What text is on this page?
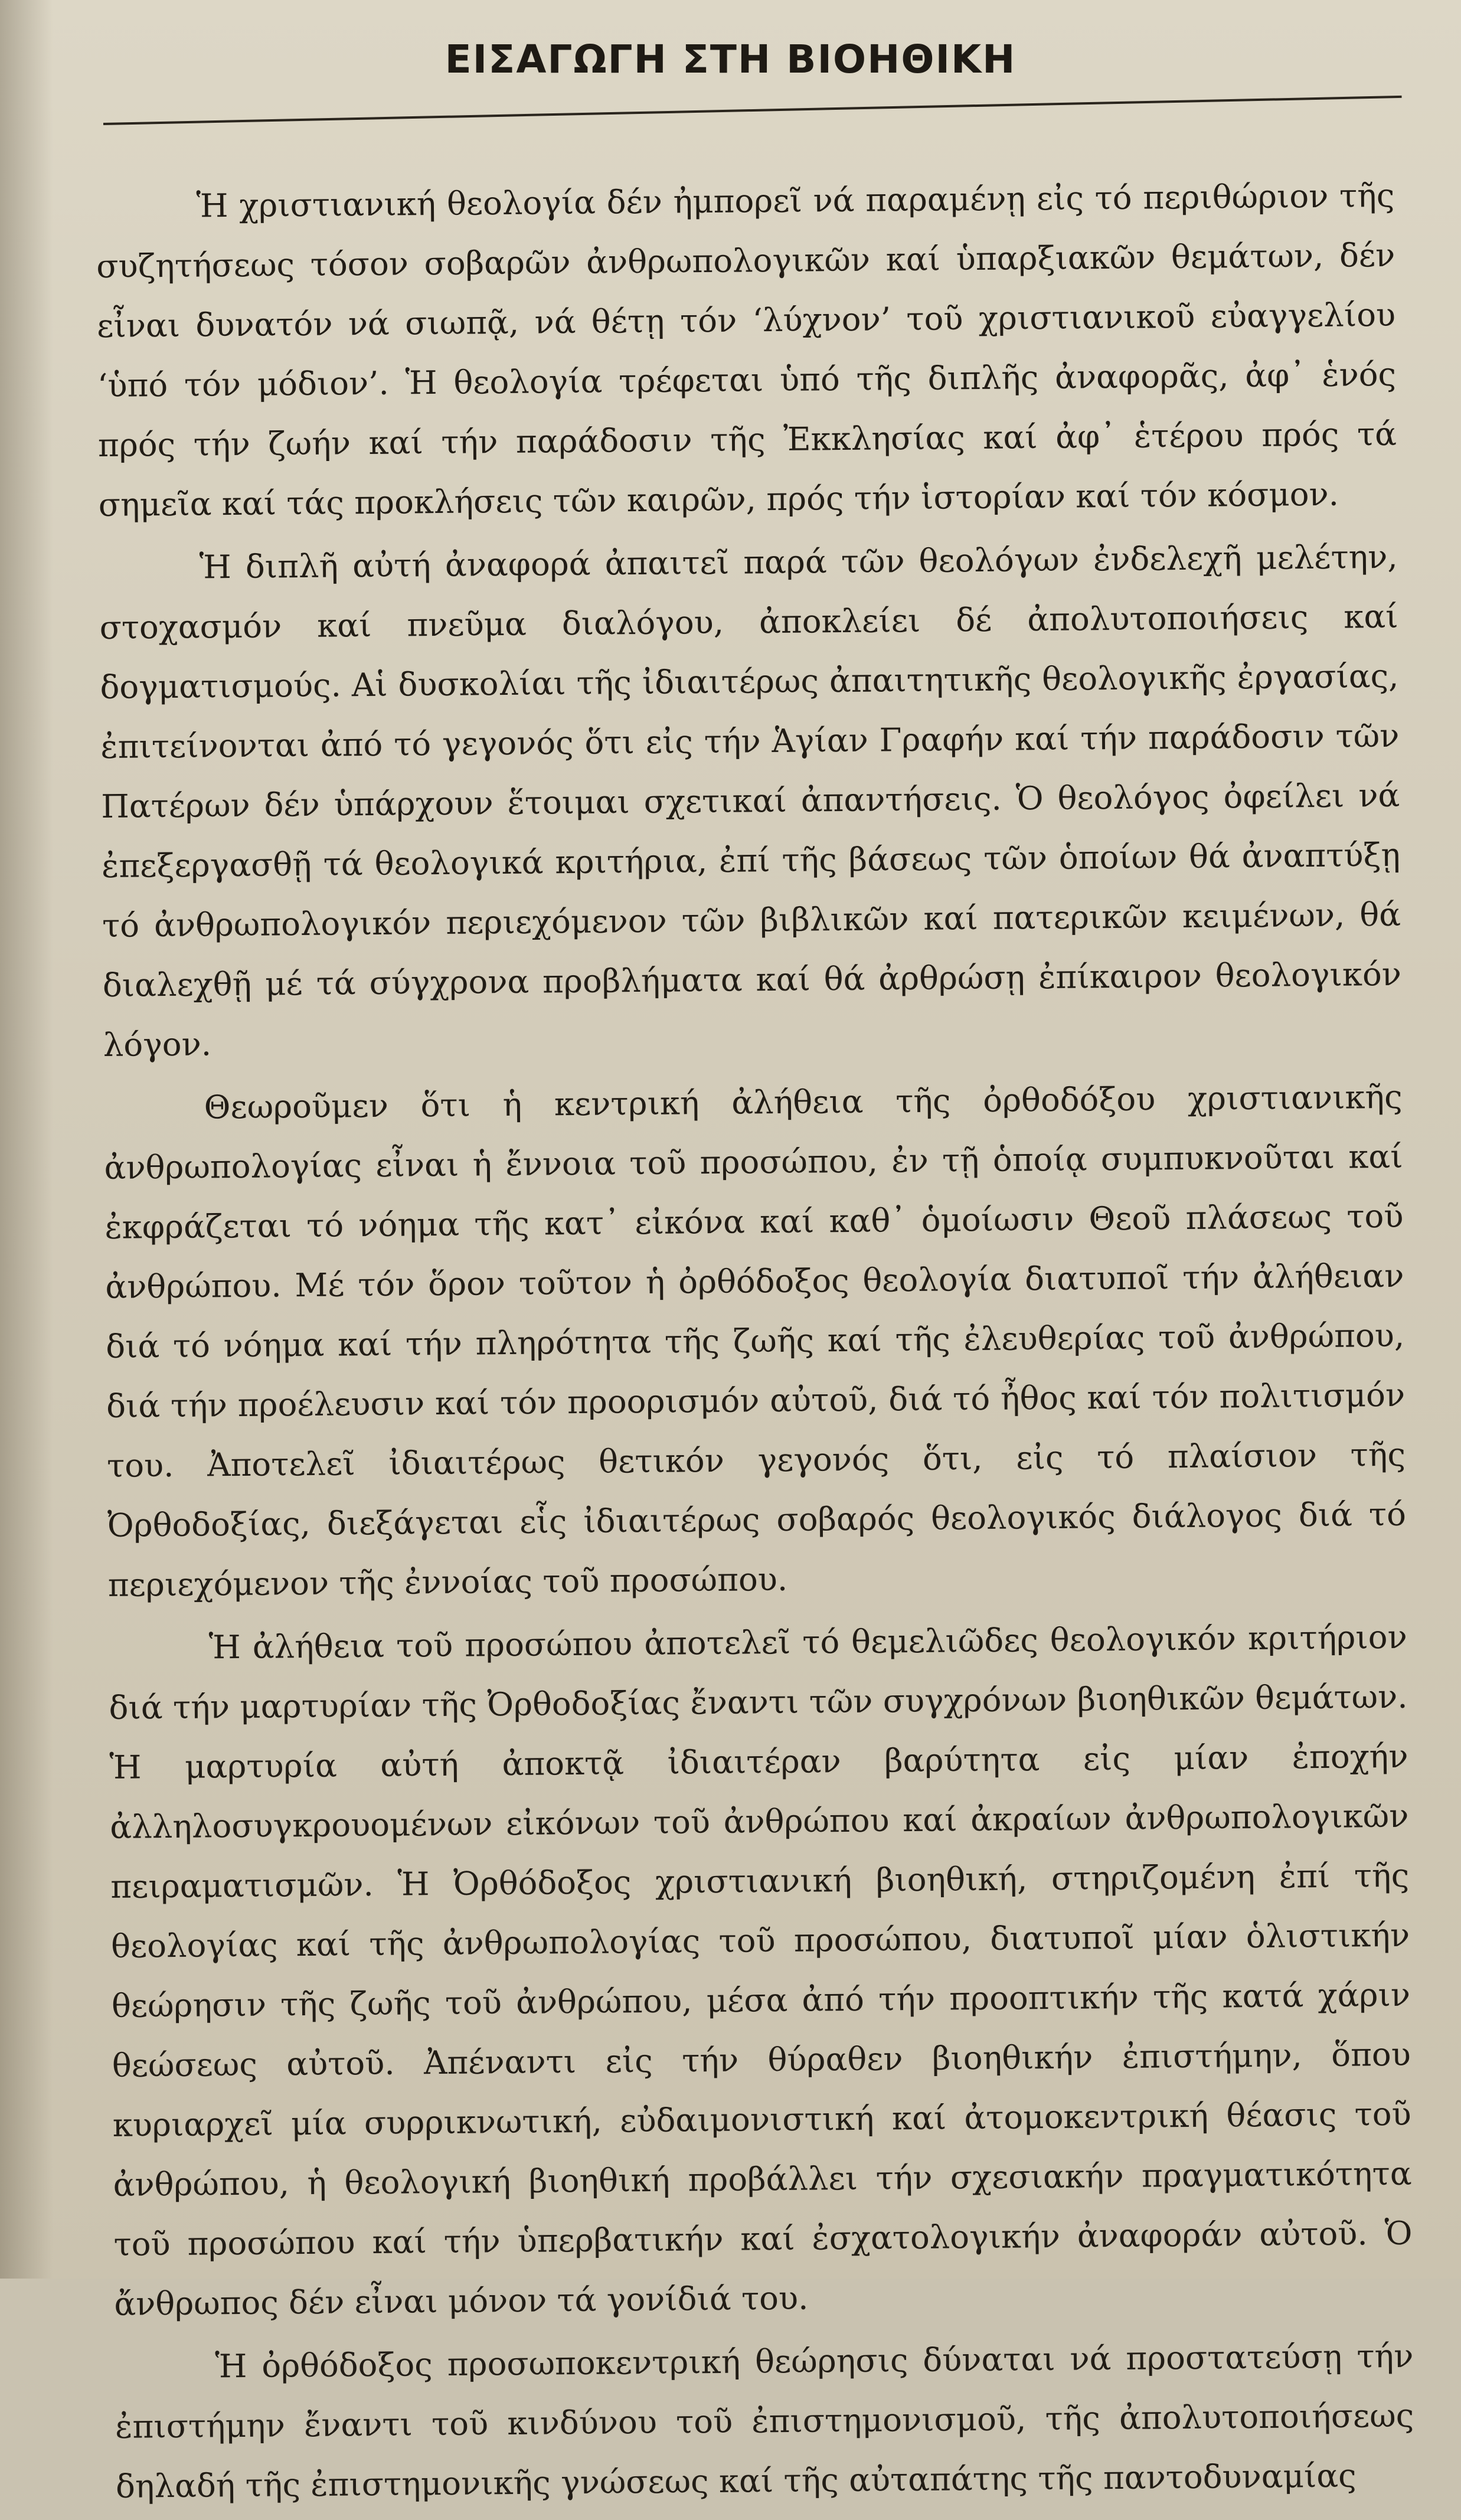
ΕΙΣΑΓΩΓΗ ΣΤΗ ΒΙΟΗΘΙΚΗ

Ἡ χριστιανική θεολογία δέν ἠμπορεῖ νά παραμένῃ εἰς τό περιθώριον τῆς συζητήσεως τόσον σοβαρῶν ἀνθρωπολογικῶν καί ὑπαρξιακῶν θεμάτων, δέν εἶναι δυνατόν νά σιωπᾷ, νά θέτῃ τόν ‘λύχνον’ τοῦ χριστιανικοῦ εὐαγγελίου ‘ὑπό τόν μόδιον’. Ἡ θεολογία τρέφεται ὑπό τῆς διπλῆς ἀναφορᾶς, ἀφ᾽ ἑνός πρός τήν ζωήν καί τήν παράδοσιν τῆς Ἐκκλησίας καί ἀφ᾽ ἑτέρου πρός τά σημεῖα καί τάς προκλήσεις τῶν καιρῶν, πρός τήν ἱστορίαν καί τόν κόσμον.

Ἡ διπλῆ αὐτή ἀναφορά ἀπαιτεῖ παρά τῶν θεολόγων ἐνδελεχῆ μελέτην, στοχασμόν καί πνεῦμα διαλόγου, ἀποκλείει δέ ἀπολυτοποιήσεις καί δογματισμούς. Αἱ δυσκολίαι τῆς ἰδιαιτέρως ἀπαιτητικῆς θεολογικῆς ἐργασίας, ἐπιτείνονται ἀπό τό γεγονός ὅτι εἰς τήν Ἁγίαν Γραφήν καί τήν παράδοσιν τῶν Πατέρων δέν ὑπάρχουν ἕτοιμαι σχετικαί ἀπαντήσεις. Ὁ θεολόγος ὀφείλει νά ἐπεξεργασθῇ τά θεολογικά κριτήρια, ἐπί τῆς βάσεως τῶν ὁποίων θά ἀναπτύξῃ τό ἀνθρωπολογικόν περιεχόμενον τῶν βιβλικῶν καί πατερικῶν κειμένων, θά διαλεχθῇ μέ τά σύγχρονα προβλήματα καί θά ἀρθρώσῃ ἐπίκαιρον θεολογικόν λόγον.

Θεωροῦμεν ὅτι ἡ κεντρική ἀλήθεια τῆς ὀρθοδόξου χριστιανικῆς ἀνθρωπολογίας εἶναι ἡ ἔννοια τοῦ προσώπου, ἐν τῇ ὁποίᾳ συμπυκνοῦται καί ἐκφράζεται τό νόημα τῆς κατ᾽ εἰκόνα καί καθ᾽ ὁμοίωσιν Θεοῦ πλάσεως τοῦ ἀνθρώπου. Μέ τόν ὅρον τοῦτον ἡ ὀρθόδοξος θεολογία διατυποῖ τήν ἀλήθειαν διά τό νόημα καί τήν πληρότητα τῆς ζωῆς καί τῆς ἐλευθερίας τοῦ ἀνθρώπου, διά τήν προέλευσιν καί τόν προορισμόν αὐτοῦ, διά τό ἦθος καί τόν πολιτισμόν του. Ἀποτελεῖ ἰδιαιτέρως θετικόν γεγονός ὅτι, εἰς τό πλαίσιον τῆς Ὀρθοδοξίας, διεξάγεται εἷς ἰδιαιτέρως σοβαρός θεολογικός διάλογος διά τό περιεχόμενον τῆς ἐννοίας τοῦ προσώπου.

Ἡ ἀλήθεια τοῦ προσώπου ἀποτελεῖ τό θεμελιῶδες θεολογικόν κριτήριον διά τήν μαρτυρίαν τῆς Ὀρθοδοξίας ἔναντι τῶν συγχρόνων βιοηθικῶν θεμάτων. Ἡ μαρτυρία αὐτή ἀποκτᾷ ἰδιαιτέραν βαρύτητα εἰς μίαν ἐποχήν ἀλληλοσυγκρουομένων εἰκόνων τοῦ ἀνθρώπου καί ἀκραίων ἀνθρωπολογικῶν πειραματισμῶν. Ἡ Ὀρθόδοξος χριστιανική βιοηθική, στηριζομένη ἐπί τῆς θεολογίας καί τῆς ἀνθρωπολογίας τοῦ προσώπου, διατυποῖ μίαν ὁλιστικήν θεώρησιν τῆς ζωῆς τοῦ ἀνθρώπου, μέσα ἀπό τήν προοπτικήν τῆς κατά χάριν θεώσεως αὐτοῦ. Ἀπέναντι εἰς τήν θύραθεν βιοηθικήν ἐπιστήμην, ὅπου κυριαρχεῖ μία συρρικνωτική, εὐδαιμονιστική καί ἀτομοκεντρική θέασις τοῦ ἀνθρώπου, ἡ θεολογική βιοηθική προβάλλει τήν σχεσιακήν πραγματικότητα τοῦ προσώπου καί τήν ὑπερβατικήν καί ἐσχατολογικήν ἀναφοράν αὐτοῦ. Ὁ ἄνθρωπος δέν εἶναι μόνον τά γονίδιά του.

Ἡ ὀρθόδοξος προσωποκεντρική θεώρησις δύναται νά προστατεύσῃ τήν ἐπιστήμην ἔναντι τοῦ κινδύνου τοῦ ἐπιστημονισμοῦ, τῆς ἀπολυτοποιήσεως δηλαδή τῆς ἐπιστημονικῆς γνώσεως καί τῆς αὐταπάτης τῆς παντοδυναμίας
